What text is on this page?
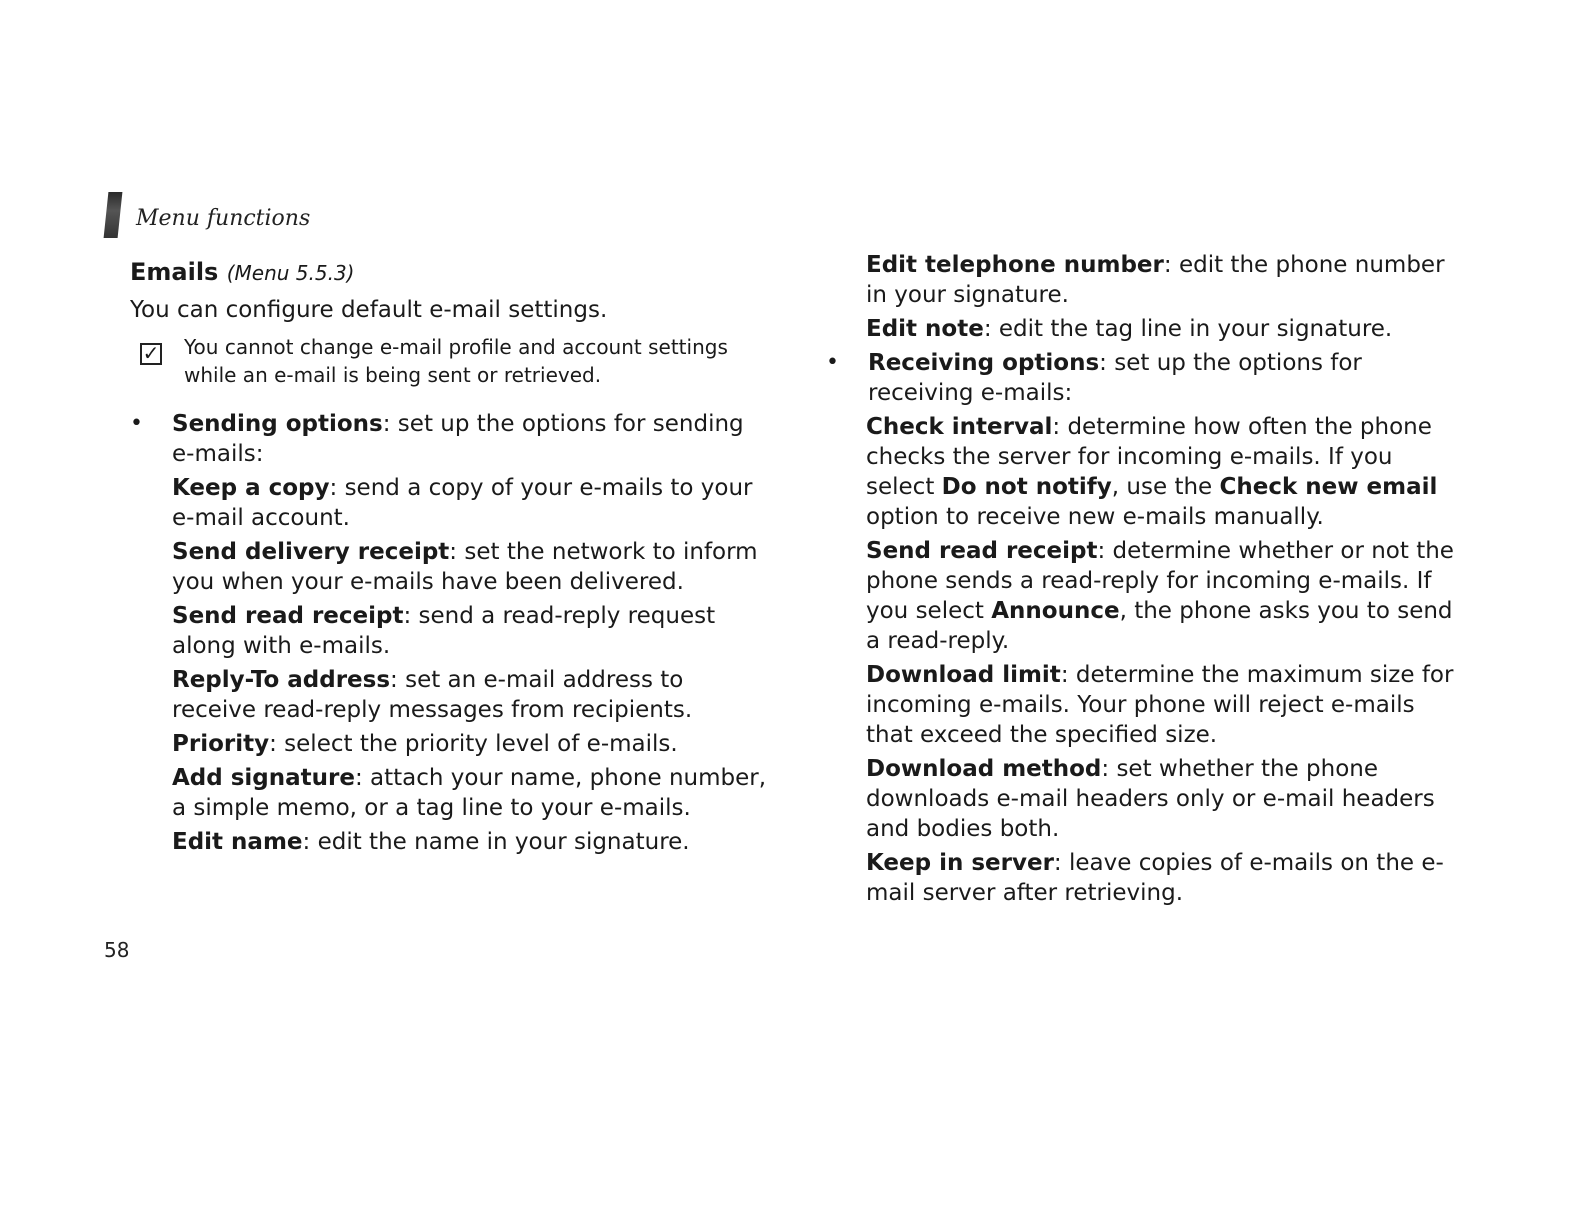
Menu functions
Emails (Menu 5.5.3)

You can configure default e-mail settings.

✓ You cannot change e-mail profile and account settings while an e-mail is being sent or retrieved.
• Sending options: set up the options for sending e-mails:

Keep a copy: send a copy of your e-mails to your e-mail account.

Send delivery receipt: set the network to inform you when your e-mails have been delivered.

Send read receipt: send a read-reply request along with e-mails.

Reply-To address: set an e-mail address to receive read-reply messages from recipients.

Priority: select the priority level of e-mails.

Add signature: attach your name, phone number, a simple memo, or a tag line to your e-mails.

Edit name: edit the name in your signature.

Edit telephone number: edit the phone number in your signature.

Edit note: edit the tag line in your signature.

• Receiving options: set up the options for receiving e-mails:

Check interval: determine how often the phone checks the server for incoming e-mails. If you select Do not notify, use the Check new email option to receive new e-mails manually.

Send read receipt: determine whether or not the phone sends a read-reply for incoming e-mails. If you select Announce, the phone asks you to send a read-reply.

Download limit: determine the maximum size for incoming e-mails. Your phone will reject e-mails that exceed the specified size.

Download method: set whether the phone downloads e-mail headers only or e-mail headers and bodies both.

Keep in server: leave copies of e-mails on the e-mail server after retrieving.

58
